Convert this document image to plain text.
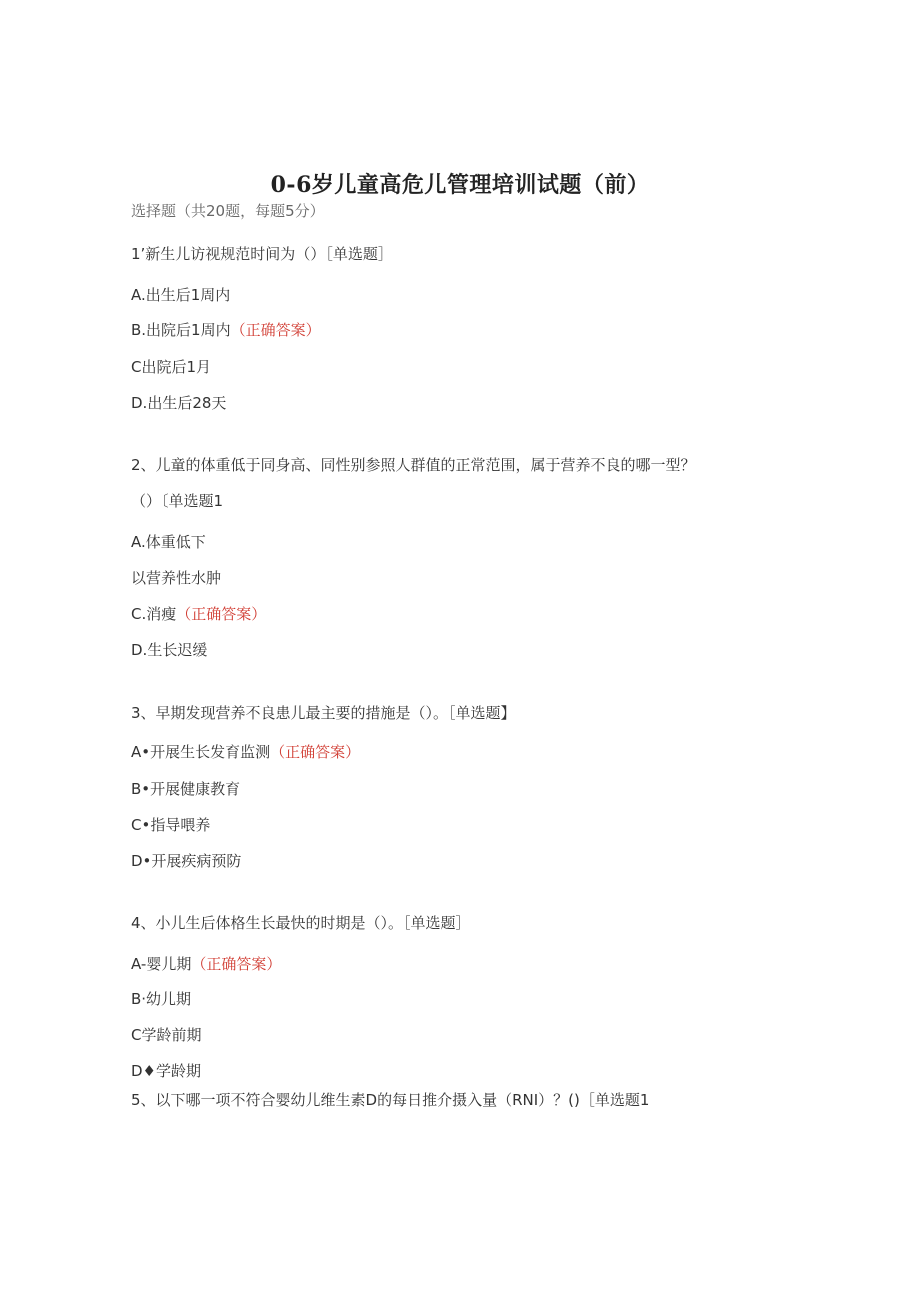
0-6岁儿童高危儿管理培训试题（前）
选择题（共20题，每题5分）
1’新生儿访视规范时间为（）［单选题］
A.出生后1周内
B.出院后1周内（正确答案）
C出院后1月
D.出生后28天
2、儿童的体重低于同身高、同性别参照人群值的正常范围，属于营养不良的哪一型？
（）〔单选题1
A.体重低下
以营养性水肿
C.消瘦（正确答案）
D.生长迟缓
3、早期发现营养不良患儿最主要的措施是（）。［单选题】
A•开展生长发育监测（正确答案）
B•开展健康教育
C•指导喂养
D•开展疾病预防
4、小儿生后体格生长最快的时期是（）。［单选题］
A-婴儿期（正确答案）
B·幼儿期
C学龄前期
D♦学龄期
5、以下哪一项不符合婴幼儿维生素D的每日推介摄入量（RNI）？()［单选题1
